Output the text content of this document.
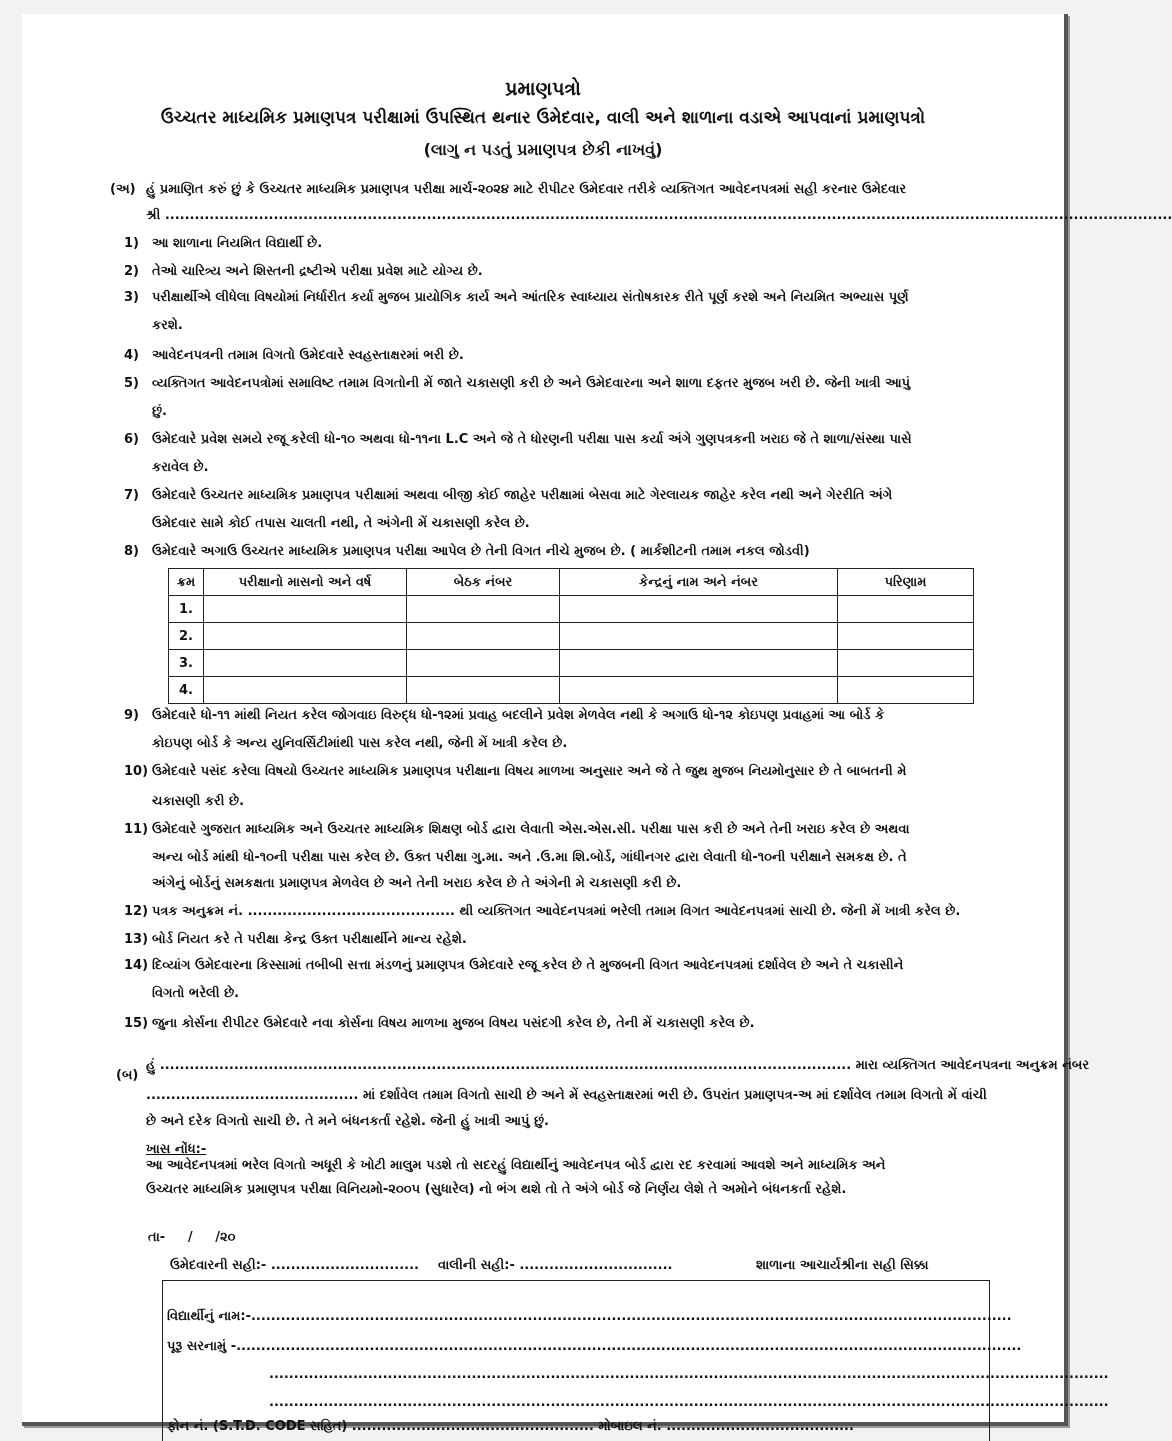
પ્રમાણપત્રો
ઉચ્ચતર માધ્યમિક પ્રમાણપત્ર પરીક્ષામાં ઉપસ્થિત થનાર ઉમેદવાર, વાલી અને શાળાના વડાએ આપવાનાં પ્રમાણપત્રો
(લાગુ ન પડતું પ્રમાણપત્ર છેકી નાખવું)
(અ) હું પ્રમાણિત કરું છું કે ઉચ્ચતર માધ્યમિક પ્રમાણપત્ર પરીક્ષા માર્ચ-૨૦૨૪ માટે રીપીટર ઉમેદવાર તરીકે વ્યક્તિગત આવેદનપત્રમાં સહી કરનાર ઉમેદવાર
શ્રી ............................................................................................................................................................................................................
1)	આ શાળાના નિયમિત વિદ્યાર્થી છે.
2)	તેઓ ચારિત્ર્ય અને શિસ્તની દ્રષ્ટીએ પરીક્ષા પ્રવેશ માટે યોગ્ય છે.
3)	પરીક્ષાર્થીએ લીધેલા વિષયોમાં નિર્ધારીત કર્યા મુજબ પ્રાયોગિક કાર્ય અને આંતરિક સ્વાધ્યાય સંતોષકારક રીતે પૂર્ણ કરશે અને નિયમિત અભ્યાસ પૂર્ણ
કરશે.
4)	આવેદનપત્રની તમામ વિગતો ઉમેદવારે સ્વહસ્તાક્ષરમાં ભરી છે.
5)	વ્યક્તિગત આવેદનપત્રોમાં સમાવિષ્ટ તમામ વિગતોની મેં જાતે ચકાસણી કરી છે અને ઉમેદવારના અને શાળા દફતર મુજબ ખરી છે. જેની ખાત્રી આપું
છું.
6)	ઉમેદવારે પ્રવેશ સમયે રજૂ કરેલી ધો-૧૦ અથવા ધો-૧૧ના L.C અને જે તે ધોરણની પરીક્ષા પાસ કર્યા અંગે ગુણપત્રકની ખરાઇ જે તે શાળા/સંસ્થા પાસે
કરાવેલ છે.
7)	ઉમેદવારે ઉચ્ચતર માધ્યમિક પ્રમાણપત્ર પરીક્ષામાં અથવા બીજી કોઈ જાહેર પરીક્ષામાં બેસવા માટે ગેરલાયક જાહેર કરેલ નથી અને ગેરરીતિ અંગે
ઉમેદવાર સામે કોઈ તપાસ ચાલતી નથી, તે અંગેની મેં ચકાસણી કરેલ છે.
8)	ઉમેદવારે અગાઉ ઉચ્ચતર માધ્યમિક પ્રમાણપત્ર પરીક્ષા આપેલ છે તેની વિગત નીચે મુજબ છે. ( માર્કશીટની તમામ નકલ જોડવી)
ક્રમ	પરીક્ષાનો માસનો અને વર્ષ	બેઠક નંબર	કેન્દ્રનું નામ અને નંબર	પરિણામ
1.				
2.				
3.				
4.				
9)	ઉમેદવારે ધો-૧૧ માંથી નિયત કરેલ જોગવાઇ વિરુદ્ધ ધો-૧૨માં પ્રવાહ બદલીને પ્રવેશ મેળવેલ નથી કે અગાઉ ધો-૧૨ કોઇપણ પ્રવાહમાં આ બોર્ડ કે
કોઇપણ બોર્ડ કે અન્ય યુનિવર્સિટીમાંથી પાસ કરેલ નથી, જેની મેં ખાત્રી કરેલ છે.
10) ઉમેદવારે પસંદ કરેલા વિષયો ઉચ્ચતર માધ્યમિક પ્રમાણપત્ર પરીક્ષાના વિષય માળખા અનુસાર અને જે તે જુથ મુજબ નિયમોનુસાર છે તે બાબતની મે
ચકાસણી કરી છે.
11) ઉમેદવારે ગુજરાત માધ્યમિક અને ઉચ્ચતર માધ્યમિક શિક્ષણ બોર્ડ દ્વારા લેવાતી એસ.એસ.સી. પરીક્ષા પાસ કરી છે અને તેની ખરાઇ કરેલ છે અથવા
અન્ય બોર્ડ માંથી ધો-૧૦ની પરીક્ષા પાસ કરેલ છે. ઉક્ત પરીક્ષા ગુ.મા. અને .ઉ.મા શિ.બોર્ડ, ગાંધીનગર દ્વારા લેવાતી ધો-૧૦ની પરીક્ષાને સમકક્ષ છે. તે
અંગેનું બોર્ડનું સમકક્ષતા પ્રમાણપત્ર મેળવેલ છે અને તેની ખરાઇ કરેલ છે તે અંગેની મે ચકાસણી કરી છે.
12) પત્રક અનુક્રમ નં. .......................................... થી વ્યક્તિગત આવેદનપત્રમાં ભરેલી તમામ વિગત આવેદનપત્રમાં સાચી છે. જેની મેં ખાત્રી કરેલ છે.
13) બોર્ડ નિયત કરે તે પરીક્ષા કેન્દ્ર ઉક્ત પરીક્ષાર્થીને માન્ય રહેશે.
14) દિવ્યાંગ ઉમેદવારના કિસ્સામાં તબીબી સત્તા મંડળનું પ્રમાણપત્ર ઉમેદવારે રજૂ કરેલ છે તે મુજબની વિગત આવેદનપત્રમાં દર્શાવેલ છે અને તે ચકાસીને
વિગતો ભરેલી છે.
15) જુના કોર્સના રીપીટર ઉમેદવારે નવા કોર્સના વિષય માળખા મુજબ વિષય પસંદગી કરેલ છે, તેની મેં ચકાસણી કરેલ છે.
(બ)
હું ............................................................................................................................................ મારા વ્યક્તિગત આવેદનપત્રના અનુક્રમ નંબર
........................................... માં દર્શાવેલ તમામ વિગતો સાચી છે અને મેં સ્વહસ્તાક્ષરમાં ભરી છે. ઉપરાંત પ્રમાણપત્ર-અ માં દર્શાવેલ તમામ વિગતો મેં વાંચી
છે અને દરેક વિગતો સાચી છે. તે મને બંધનકર્તા રહેશે. જેની હું ખાત્રી આપું છું.
ખાસ નોંધ:-
આ આવેદનપત્રમાં ભરેલ વિગતો અધૂરી કે ખોટી માલુમ પડશે તો સદરહું વિદ્યાર્થીનું આવેદનપત્ર બોર્ડ દ્વારા રદ કરવામાં આવશે અને માધ્યમિક અને
ઉચ્ચતર માધ્યમિક પ્રમાણપત્ર પરીક્ષા વિનિયમો-૨૦૦૫ (સુધારેલ) નો ભંગ થશે તો તે અંગે બોર્ડ જે નિર્ણય લેશે તે અમોને બંધનકર્તા રહેશે.
તા-     /     /૨૦
ઉમેદવારની સહી:- .............................. વાલીની સહી:- ...............................	શાળાના આચાર્યશ્રીના સહી સિક્કા
વિદ્યાર્થીનું નામ:-..........................................................................................................................................................
પૂરૂ સરનામું -...............................................................................................................................................................
..........................................................................................................................................................................
..........................................................................................................................................................................
ફોન નં. (S.T.D. CODE સહિત) ................................................. મોબાઇલ નં. ......................................
